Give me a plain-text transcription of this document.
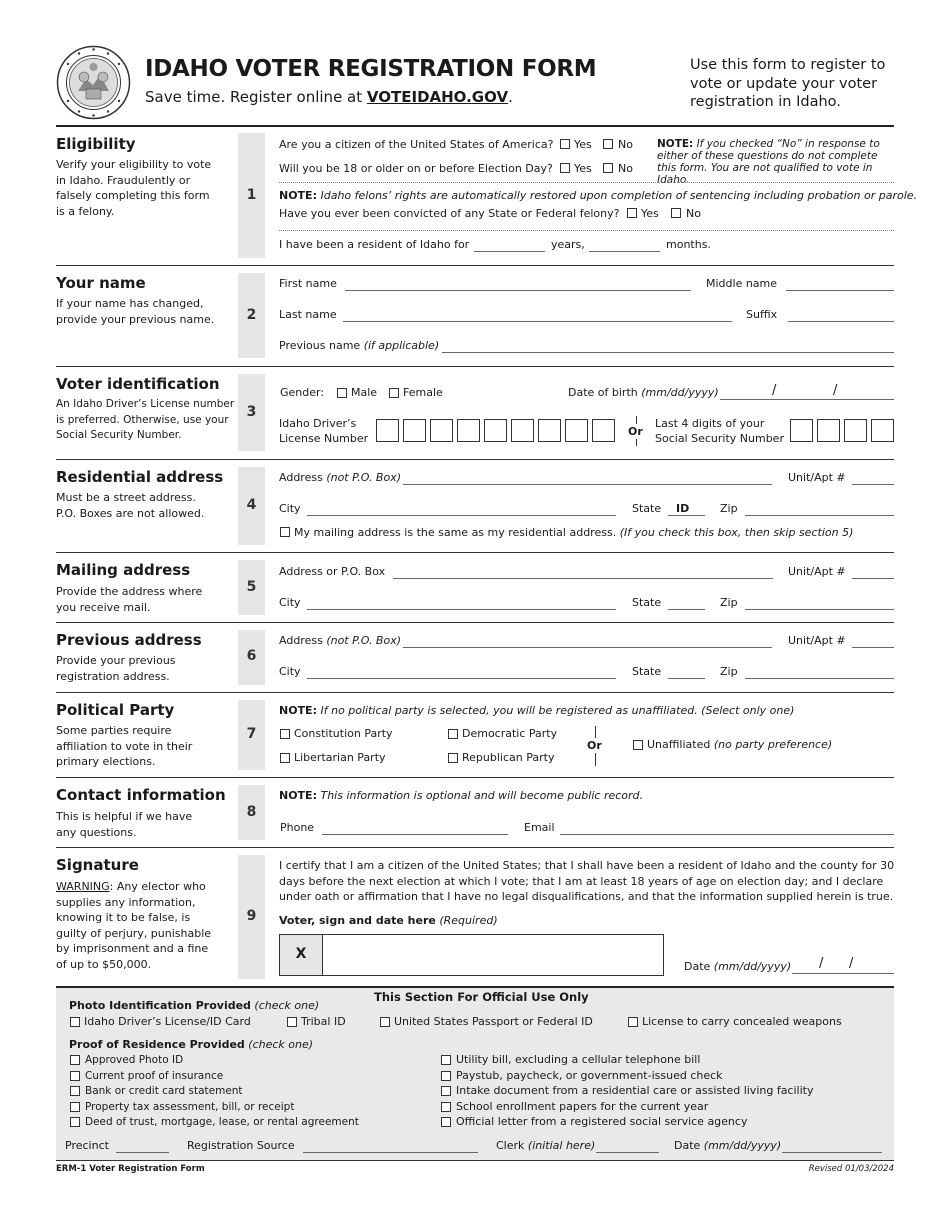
IDAHO VOTER REGISTRATION FORM
Save time. Register online at VOTEIDAHO.GOV.
Use this form to register to vote or update your voter registration in Idaho.
Eligibility
Verify your eligibility to vote in Idaho. Fraudulently or falsely completing this form is a felony.
1
Are you a citizen of the United States of America? Yes No
Will you be 18 or older on or before Election Day? Yes No
NOTE: If you checked “No” in response to either of these questions do not complete this form. You are not qualified to vote in Idaho.
NOTE: Idaho felons’ rights are automatically restored upon completion of sentencing including probation or parole.
Have you ever been convicted of any State or Federal felony? Yes No
I have been a resident of Idaho for	years,	months.
Your name
If your name has changed, provide your previous name.	2
First name	Middle name
Last name	Suffix
Previous name (if applicable)
Voter identification
An Idaho Driver’s License number is preferred. Otherwise, use your Social Security Number.
3
Gender: Male Female	Date of birth (mm/dd/yyyy)	/	/
Idaho Driver’s
License Number
Or
Last 4 digits of your
Social Security Number
Residential address
Must be a street address. P.O. Boxes are not allowed.	4
Address (not P.O. Box)	Unit/Apt #
City	State ID	Zip
My mailing address is the same as my residential address. (If you check this box, then skip section 5)
Mailing address
Provide the address where you receive mail.
5
Address or P.O. Box	Unit/Apt #
City	State	Zip
Previous address
Provide your previous registration address.
6
Address (not P.O. Box)	Unit/Apt #
City	State	Zip
Political Party
Some parties require affiliation to vote in their primary elections.
7
NOTE: If no political party is selected, you will be registered as unaffiliated. (Select only one)
Constitution Party	Democratic Party
Libertarian Party	Republican Party
Or	Unaffiliated (no party preference)
Contact information
This is helpful if we have any questions.
8
NOTE: This information is optional and will become public record.
Phone	Email
Signature
WARNING: Any elector who supplies any information, knowing it to be false, is guilty of perjury, punishable by imprisonment and a fine of up to $50,000.
9
I certify that I am a citizen of the United States; that I shall have been a resident of Idaho and the county for 30 days before the next election at which I vote; that I am at least 18 years of age on election day; and I declare under oath or affirmation that I have no legal disqualifications, and that the information supplied herein is true.
Voter, sign and date here (Required)
X
Date (mm/dd/yyyy) / /
This Section For Official Use Only
Photo Identification Provided (check one)
Idaho Driver’s License/ID Card	Tribal ID	United States Passport or Federal ID	License to carry concealed weapons
Proof of Residence Provided (check one)
Approved Photo ID
Current proof of insurance
Bank or credit card statement
Property tax assessment, bill, or receipt
Deed of trust, mortgage, lease, or rental agreement
Utility bill, excluding a cellular telephone bill
Paystub, paycheck, or government-issued check
Intake document from a residential care or assisted living facility
School enrollment papers for the current year
Official letter from a registered social service agency
Precinct	Registration Source	Clerk (initial here)	Date (mm/dd/yyyy)
ERM-1 Voter Registration Form	Revised 01/03/2024
